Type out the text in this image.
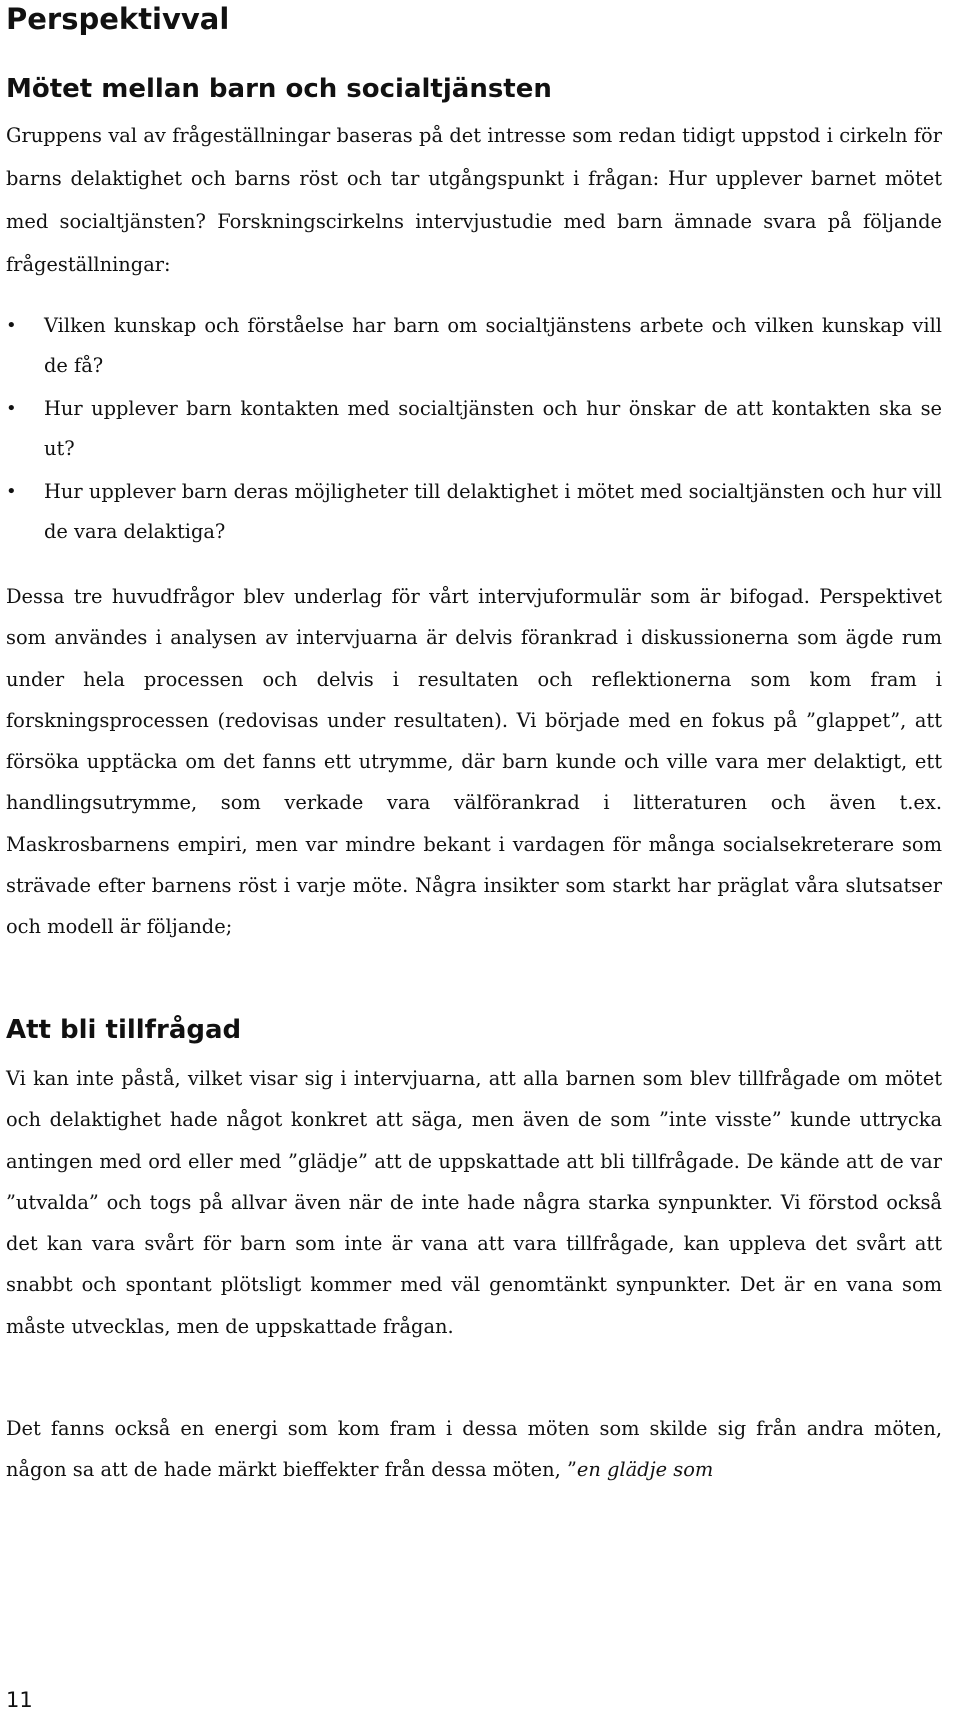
Perspektivval
Mötet mellan barn och socialtjänsten

Gruppens val av frågeställningar baseras på det intresse som redan tidigt uppstod i cirkeln för barns delaktighet och barns röst och tar utgångspunkt i frågan: Hur upplever barnet mötet med socialtjänsten? Forskningscirkelns intervjustudie med barn ämnade svara på följande frågeställningar:

• Vilken kunskap och förståelse har barn om socialtjänstens arbete och vilken kunskap vill de få?
• Hur upplever barn kontakten med socialtjänsten och hur önskar de att kontakten ska se ut?
• Hur upplever barn deras möjligheter till delaktighet i mötet med socialtjänsten och hur vill de vara delaktiga?

Dessa tre huvudfrågor blev underlag för vårt intervjuformulär som är bifogad. Perspektivet som användes i analysen av intervjuarna är delvis förankrad i diskussionerna som ägde rum under hela processen och delvis i resultaten och reflektionerna som kom fram i forskningsprocessen (redovisas under resultaten). Vi började med en fokus på ”glappet”, att försöka upptäcka om det fanns ett utrymme, där barn kunde och ville vara mer delaktigt, ett handlingsutrymme, som verkade vara välförankrad i litteraturen och även t.ex. Maskrosbarnens empiri, men var mindre bekant i vardagen för många socialsekreterare som strävade efter barnens röst i varje möte. Några insikter som starkt har präglat våra slutsatser och modell är följande;

Att bli tillfrågad

Vi kan inte påstå, vilket visar sig i intervjuarna, att alla barnen som blev tillfrågade om mötet och delaktighet hade något konkret att säga, men även de som ”inte visste” kunde uttrycka antingen med ord eller med ”glädje” att de uppskattade att bli tillfrågade. De kände att de var ”utvalda” och togs på allvar även när de inte hade några starka synpunkter. Vi förstod också det kan vara svårt för barn som inte är vana att vara tillfrågade, kan uppleva det svårt att snabbt och spontant plötsligt kommer med väl genomtänkt synpunkter. Det är en vana som måste utvecklas, men de uppskattade frågan.

Det fanns också en energi som kom fram i dessa möten som skilde sig från andra möten, någon sa att de hade märkt bieffekter från dessa möten, ”en glädje som

11
